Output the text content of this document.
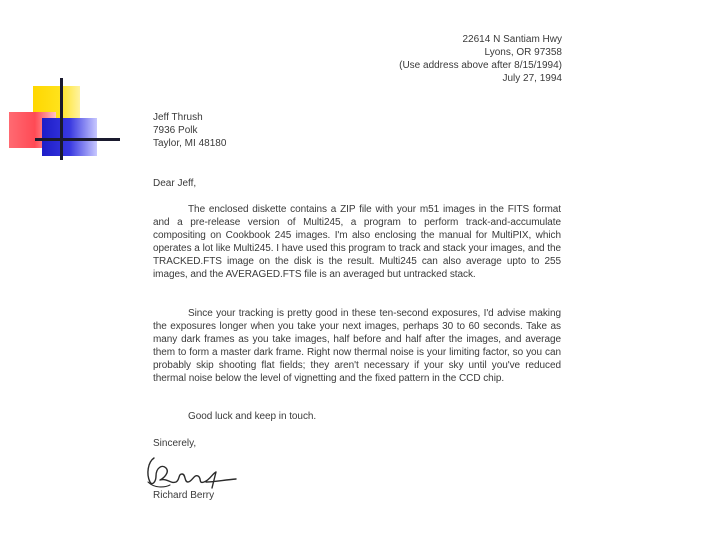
22614 N Santiam Hwy
Lyons, OR 97358
(Use address above after 8/15/1994)
July 27, 1994
Jeff Thrush
7936 Polk
Taylor, MI 48180
Dear Jeff,

The enclosed diskette contains a ZIP file with your m51 images in the FITS format and a pre-release version of Multi245, a program to perform track-and-accumulate compositing on Cookbook 245 images. I'm also enclosing the manual for MultiPIX, which operates a lot like Multi245. I have used this program to track and stack your images, and the TRACKED.FTS image on the disk is the result. Multi245 can also average upto to 255 images, and the AVERAGED.FTS file is an averaged but untracked stack.

Since your tracking is pretty good in these ten-second exposures, I'd advise making the exposures longer when you take your next images, perhaps 30 to 60 seconds. Take as many dark frames as you take images, half before and half after the images, and average them to form a master dark frame. Right now thermal noise is your limiting factor, so you can probably skip shooting flat fields; they aren't necessary if your sky until you've reduced thermal noise below the level of vignetting and the fixed pattern in the CCD chip.

Good luck and keep in touch.

Sincerely,
Richard Berry
